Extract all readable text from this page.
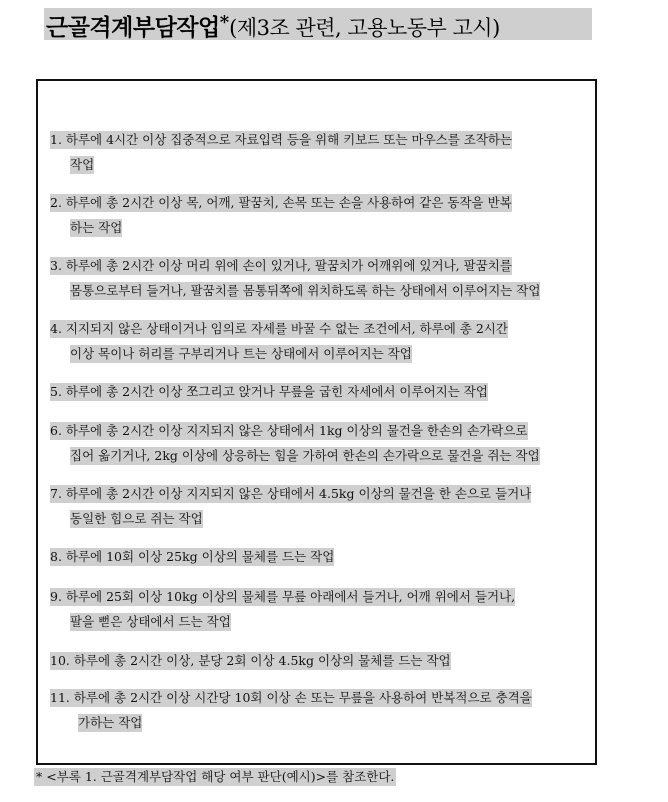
근골격계부담작업*(제3조 관련, 고용노동부 고시)
1. 하루에 4시간 이상 집중적으로 자료입력 등을 위해 키보드 또는 마우스를 조작하는
작업
2. 하루에 총 2시간 이상 목, 어깨, 팔꿈치, 손목 또는 손을 사용하여 같은 동작을 반복
하는 작업
3. 하루에 총 2시간 이상 머리 위에 손이 있거나, 팔꿈치가 어깨위에 있거나, 팔꿈치를
몸통으로부터 들거나, 팔꿈치를 몸통뒤쪽에 위치하도록 하는 상태에서 이루어지는 작업
4. 지지되지 않은 상태이거나 임의로 자세를 바꿀 수 없는 조건에서, 하루에 총 2시간
이상 목이나 허리를 구부리거나 트는 상태에서 이루어지는 작업
5. 하루에 총 2시간 이상 쪼그리고 앉거나 무릎을 굽힌 자세에서 이루어지는 작업
6. 하루에 총 2시간 이상 지지되지 않은 상태에서 1kg 이상의 물건을 한손의 손가락으로
집어 옮기거나, 2kg 이상에 상응하는 힘을 가하여 한손의 손가락으로 물건을 쥐는 작업
7. 하루에 총 2시간 이상 지지되지 않은 상태에서 4.5kg 이상의 물건을 한 손으로 들거나
동일한 힘으로 쥐는 작업
8. 하루에 10회 이상 25kg 이상의 물체를 드는 작업
9. 하루에 25회 이상 10kg 이상의 물체를 무릎 아래에서 들거나, 어깨 위에서 들거나,
팔을 뻗은 상태에서 드는 작업
10. 하루에 총 2시간 이상, 분당 2회 이상 4.5kg 이상의 물체를 드는 작업
11. 하루에 총 2시간 이상 시간당 10회 이상 손 또는 무릎을 사용하여 반복적으로 충격을
가하는 작업
* <부록 1. 근골격계부담작업 해당 여부 판단(예시)>를 참조한다.
